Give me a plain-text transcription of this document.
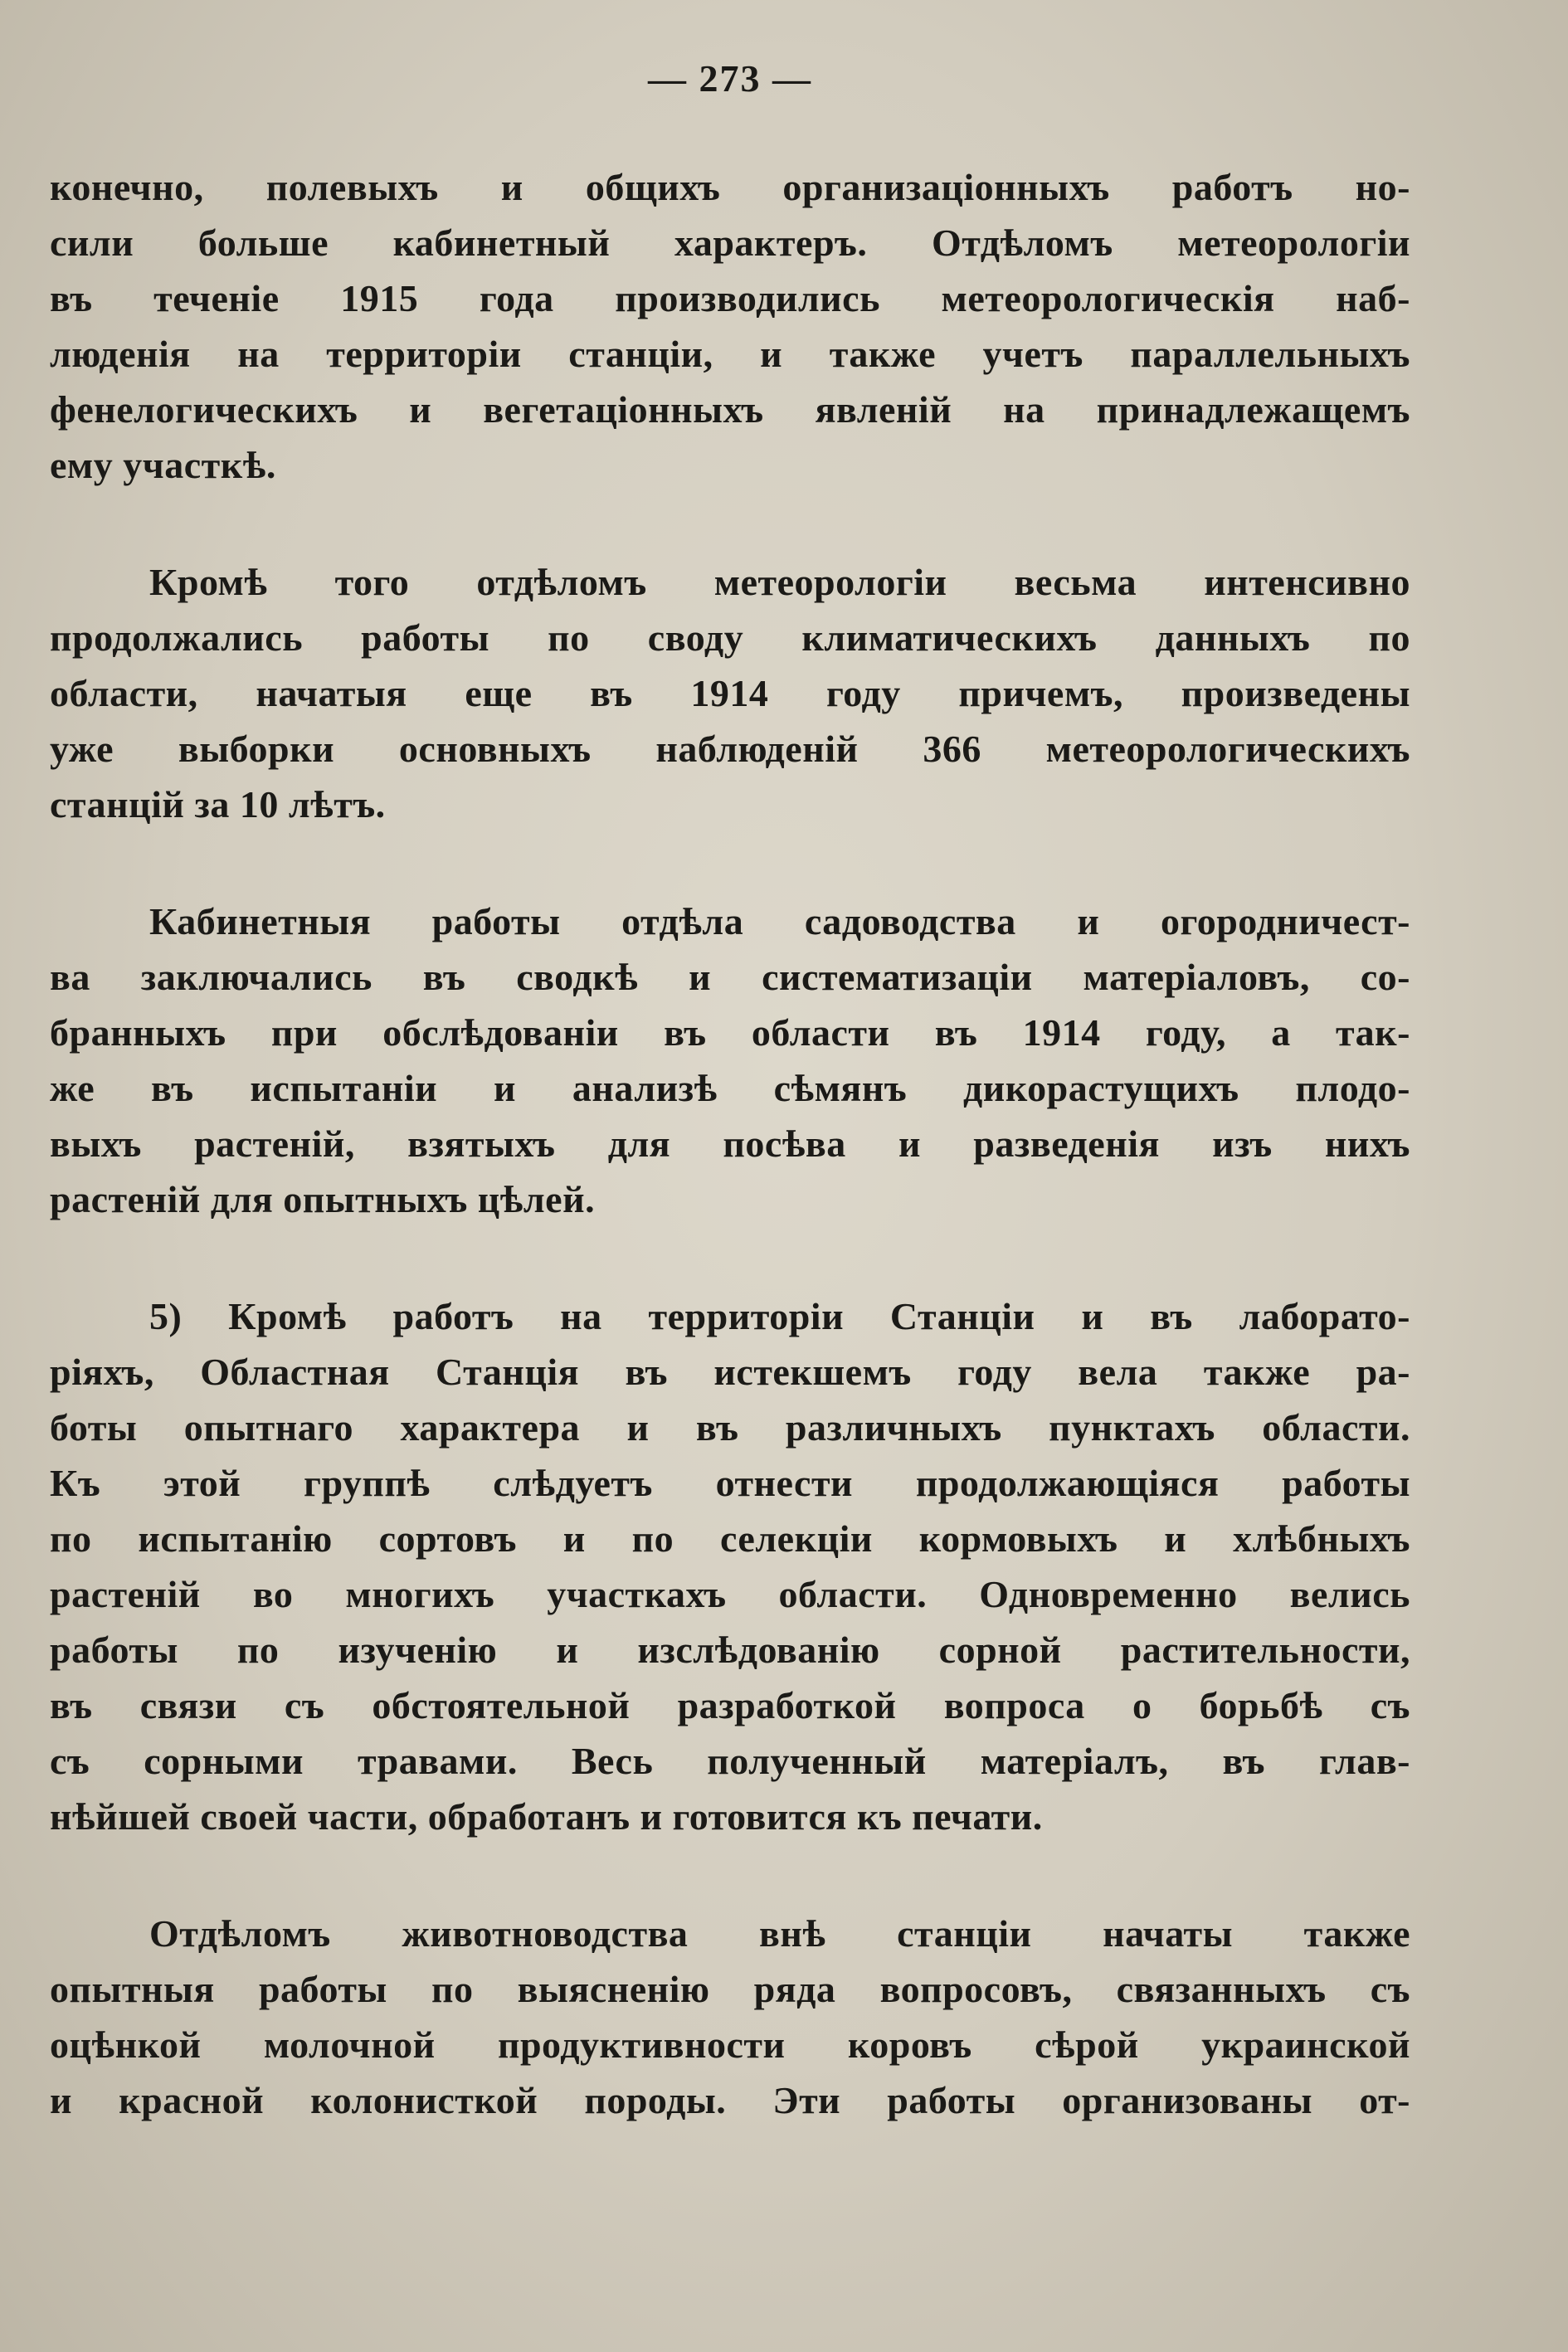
— 273 —
конечно, полевыхъ и общихъ организаціонныхъ работъ но-
сили больше кабинетный характеръ. Отдѣломъ метеорологіи
въ теченіе 1915 года производились метеорологическія наб-
люденія на территоріи станціи, и также учетъ параллельныхъ
фенелогическихъ и вегетаціонныхъ явленій на принадлежащемъ
ему участкѣ.
Кромѣ того отдѣломъ метеорологіи весьма интенсивно
продолжались работы по своду климатическихъ данныхъ по
области, начатыя еще въ 1914 году причемъ, произведены
уже выборки основныхъ наблюденій 366 метеорологическихъ
станцій за 10 лѣтъ.
Кабинетныя работы отдѣла садоводства и огородничест-
ва заключались въ сводкѣ и систематизаціи матеріаловъ, со-
бранныхъ при обслѣдованіи въ области въ 1914 году, а так-
же въ испытаніи и анализѣ сѣмянъ дикорастущихъ плодо-
выхъ растеній, взятыхъ для посѣва и разведенія изъ нихъ
растеній для опытныхъ цѣлей.
5) Кромѣ работъ на территоріи Станціи и въ лаборато-
ріяхъ, Областная Станція въ истекшемъ году вела также ра-
боты опытнаго характера и въ различныхъ пунктахъ области.
Къ этой группѣ слѣдуетъ отнести продолжающіяся работы
по испытанію сортовъ и по селекціи кормовыхъ и хлѣбныхъ
растеній во многихъ участкахъ области. Одновременно велись
работы по изученію и изслѣдованію сорной растительности,
въ связи съ обстоятельной разработкой вопроса о борьбѣ съ
съ сорными травами. Весь полученный матеріалъ, въ глав-
нѣйшей своей части, обработанъ и готовится къ печати.
Отдѣломъ животноводства внѣ станціи начаты также
опытныя работы по выясненію ряда вопросовъ, связанныхъ съ
оцѣнкой молочной продуктивности коровъ сѣрой украинской
и красной колонисткой породы. Эти работы организованы от-
